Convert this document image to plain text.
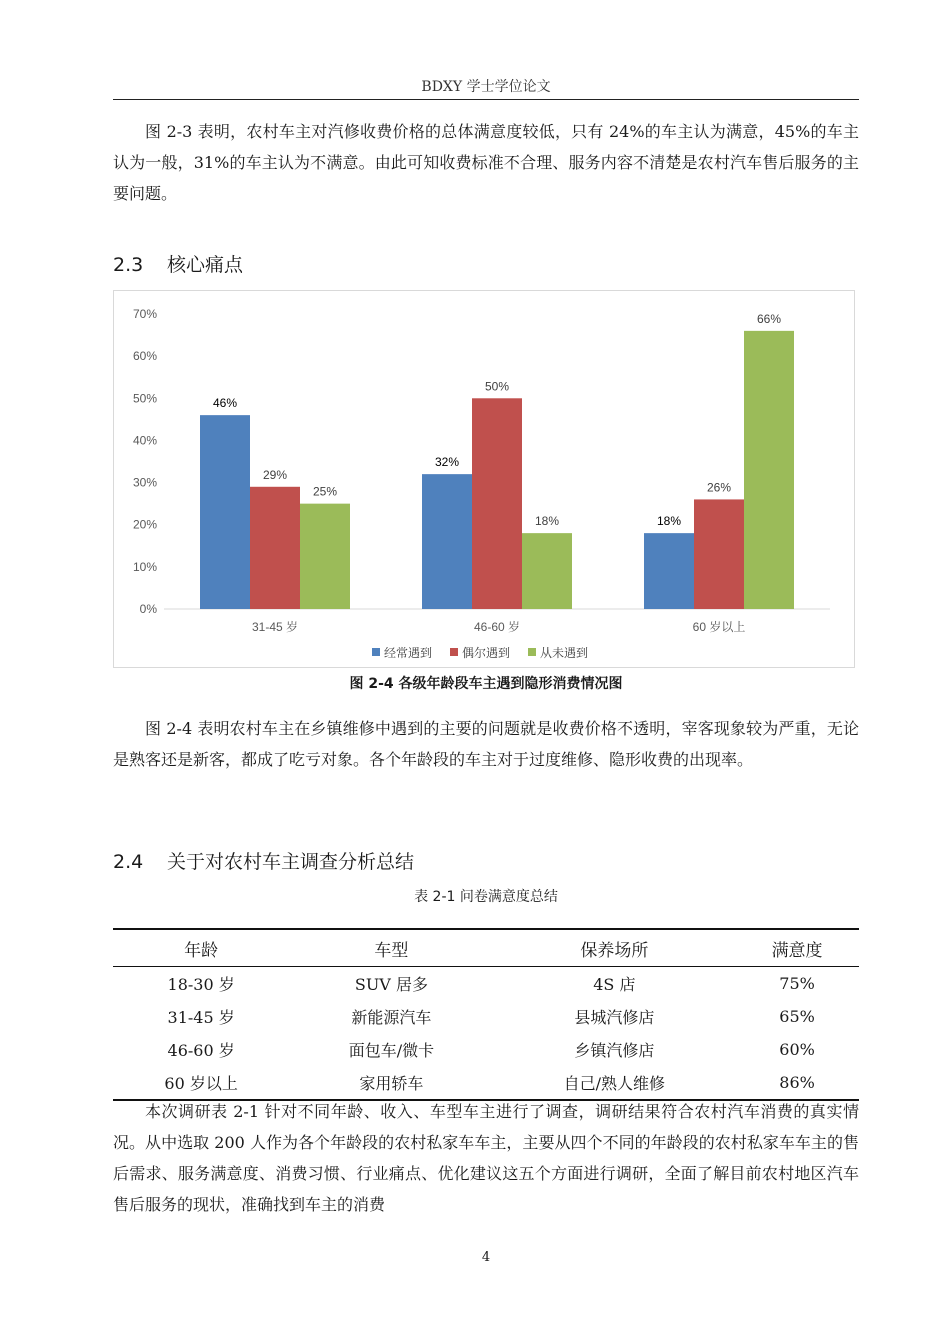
BDXY 学士学位论文

图 2-3 表明，农村车主对汽修收费价格的总体满意度较低，只有 24%的车主认为满意，45%的车主认为一般，31%的车主认为不满意。由此可知收费标准不合理、服务内容不清楚是农村汽车售后服务的主要问题。

2.3 核心痛点
0%
10%
20%
30%
40%
50%
60%
70%
46%
29%
25%
31-45 岁
32%
50%
18%
46-60 岁
18%
26%
66%
60 岁以上
经常遇到 偶尔遇到 从未遇到
图 2-4 各级年龄段车主遇到隐形消费情况图

图 2-4 表明农村车主在乡镇维修中遇到的主要的问题就是收费价格不透明，宰客现象较为严重，无论是熟客还是新客，都成了吃亏对象。各个年龄段的车主对于过度维修、隐形收费的出现率。

2.4 关于对农村车主调查分析总结
表 2-1 问卷满意度总结
年龄	车型	保养场所	满意度
18-30 岁	SUV 居多	4S 店	75%
31-45 岁	新能源汽车	县城汽修店	65%
46-60 岁	面包车/微卡	乡镇汽修店	60%
60 岁以上	家用轿车	自己/熟人维修	86%

本次调研表 2-1 针对不同年龄、收入、车型车主进行了调查，调研结果符合农村汽车消费的真实情况。从中选取 200 人作为各个年龄段的农村私家车车主，主要从四个不同的年龄段的农村私家车车主的售后需求、服务满意度、消费习惯、行业痛点、优化建议这五个方面进行调研，全面了解目前农村地区汽车售后服务的现状，准确找到车主的消费

4
